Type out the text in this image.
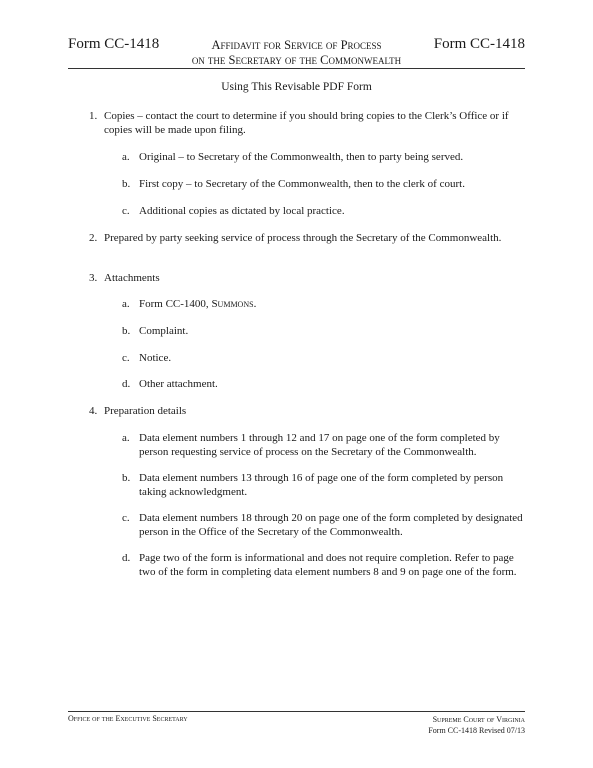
Form CC-1418	Affidavit for Service of Process
on the Secretary of the Commonwealth
Form CC-1418
Using This Revisable PDF Form
1. Copies – contact the court to determine if you should bring copies to the Clerk’s Office or if copies will be made upon filing.
a. Original – to Secretary of the Commonwealth, then to party being served.
b. First copy – to Secretary of the Commonwealth, then to the clerk of court.
c. Additional copies as dictated by local practice.
2. Prepared by party seeking service of process through the Secretary of the Commonwealth.
3. Attachments
a. Form CC-1400, Summons.
b. Complaint.
c. Notice.
d. Other attachment.
4. Preparation details
a. Data element numbers 1 through 12 and 17 on page one of the form completed by person requesting service of process on the Secretary of the Commonwealth.
b. Data element numbers 13 through 16 of page one of the form completed by person taking acknowledgment.
c. Data element numbers 18 through 20 on page one of the form completed by designated person in the Office of the Secretary of the Commonwealth.
d. Page two of the form is informational and does not require completion. Refer to page two of the form in completing data element numbers 8 and 9 on page one of the form.
Office of the Executive Secretary	Supreme Court of Virginia
Form CC-1418 Revised 07/13
